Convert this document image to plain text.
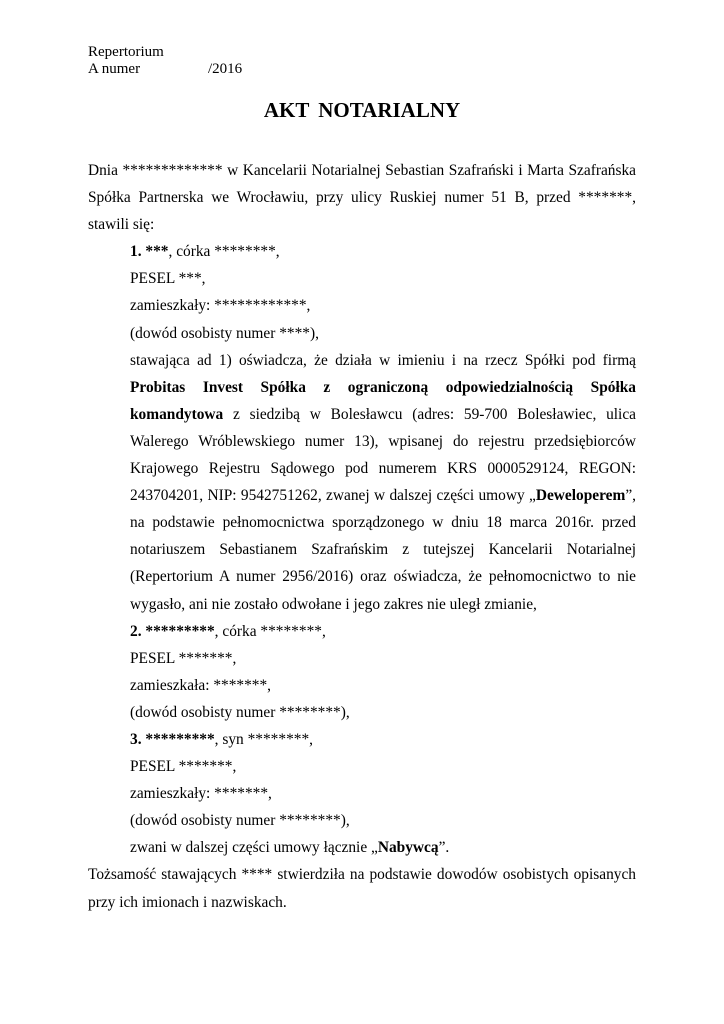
Repertorium A numer	/2016
AKT NOTARIALNY

Dnia ************* w Kancelarii Notarialnej Sebastian Szafrański i Marta Szafrańska Spółka Partnerska we Wrocławiu, przy ulicy Ruskiej numer 51 B, przed *******, stawili się:

1. ***, córka ********,

PESEL ***,

zamieszkały: ************,

(dowód osobisty numer ****),

stawająca ad 1) oświadcza, że działa w imieniu i na rzecz Spółki pod firmą Probitas Invest Spółka z ograniczoną odpowiedzialnością Spółka komandytowa z siedzibą w Bolesławcu (adres: 59-700 Bolesławiec, ulica Walerego Wróblewskiego numer 13), wpisanej do rejestru przedsiębiorców Krajowego Rejestru Sądowego pod numerem KRS 0000529124, REGON: 243704201, NIP: 9542751262, zwanej w dalszej części umowy „Deweloperem”, na podstawie pełnomocnictwa sporządzonego w dniu 18 marca 2016r. przed notariuszem Sebastianem Szafrańskim z tutejszej Kancelarii Notarialnej (Repertorium A numer 2956/2016) oraz oświadcza, że pełnomocnictwo to nie wygasło, ani nie zostało odwołane i jego zakres nie uległ zmianie,

2. *********, córka ********,

PESEL *******,

zamieszkała: *******,

(dowód osobisty numer ********),

3. *********, syn ********,

PESEL *******,

zamieszkały: *******,

(dowód osobisty numer ********),

zwani w dalszej części umowy łącznie „Nabywcą”.

Tożsamość stawających **** stwierdziła na podstawie dowodów osobistych opisanych przy ich imionach i nazwiskach.
